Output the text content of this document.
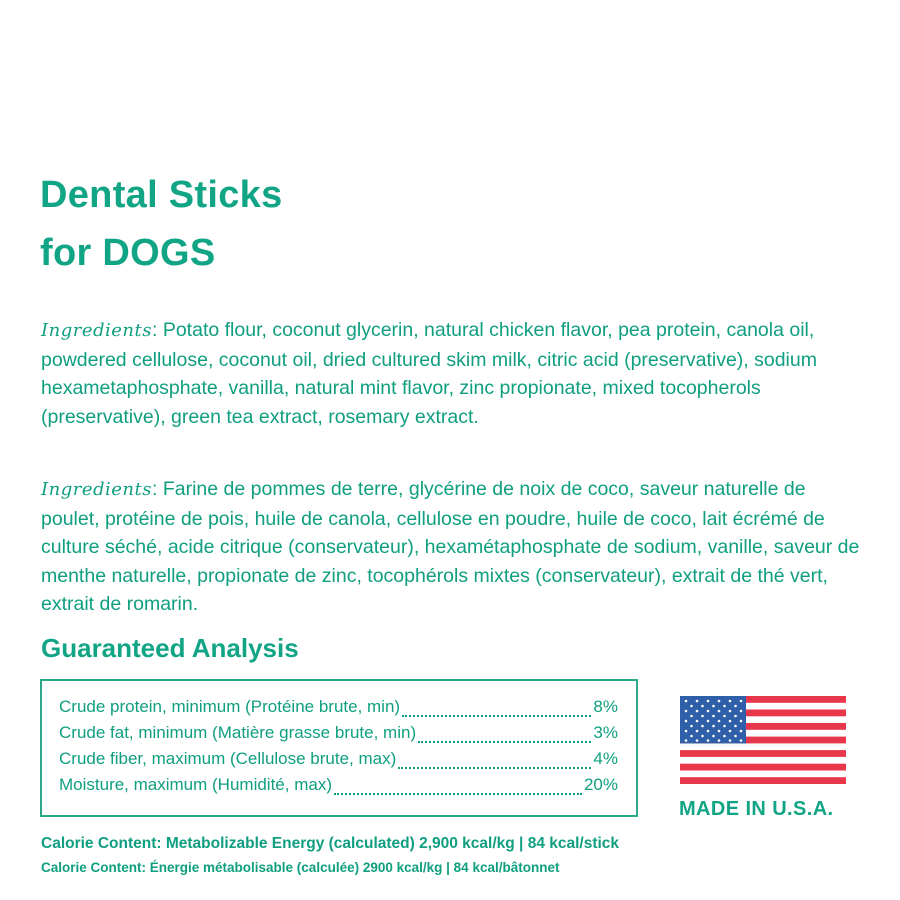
Dental Sticks
for DOGS

Ingredients: Potato flour, coconut glycerin, natural chicken flavor, pea protein, canola oil, powdered cellulose, coconut oil, dried cultured skim milk, citric acid (preservative), sodium hexametaphosphate, vanilla, natural mint flavor, zinc propionate, mixed tocopherols (preservative), green tea extract, rosemary extract.

Ingredients: Farine de pommes de terre, glycérine de noix de coco, saveur naturelle de poulet, protéine de pois, huile de canola, cellulose en poudre, huile de coco, lait écrémé de culture séché, acide citrique (conservateur), hexamétaphosphate de sodium, vanille, saveur de menthe naturelle, propionate de zinc, tocophérols mixtes (conservateur), extrait de thé vert, extrait de romarin.

Guaranteed Analysis
Crude protein, minimum (Protéine brute, min)	8%
Crude fat, minimum (Matière grasse brute, min)	3%
Crude fiber, maximum (Cellulose brute, max)	4%
Moisture, maximum (Humidité, max)	20%

MADE IN U.S.A.

Calorie Content: Metabolizable Energy (calculated) 2,900 kcal/kg | 84 kcal/stick

Calorie Content: Énergie métabolisable (calculée) 2900 kcal/kg | 84 kcal/bâtonnet
